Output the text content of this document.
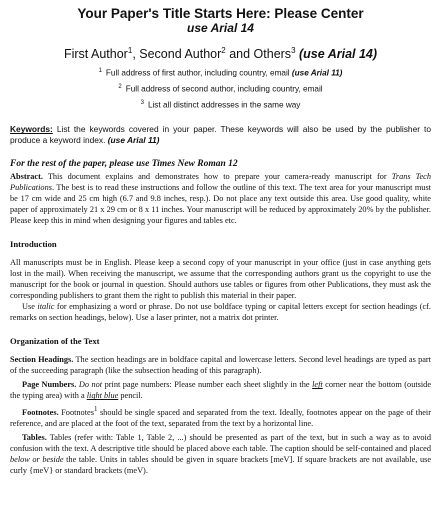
Your Paper's Title Starts Here: Please Center

use Arial 14

First Author$^1$, Second Author$^2$ and Others$^3$ (use Arial 14)

$^1$ Full address of first author, including country, email (use Arial 11)

$^2$ Full address of second author, including country, email

$^3$ List all distinct addresses in the same way

Keywords: List the keywords covered in your paper. These keywords will also be used by the publisher to produce a keyword index. (use Arial 11)

For the rest of the paper, please use Times New Roman 12

Abstract. This document explains and demonstrates how to prepare your camera-ready manuscript for Trans Tech Publications. The best is to read these instructions and follow the outline of this text. The text area for your manuscript must be 17 cm wide and 25 cm high (6.7 and 9.8 inches, resp.). Do not place any text outside this area. Use good quality, white paper of approximately 21 x 29 cm or 8 x 11 inches. Your manuscript will be reduced by approximately 20% by the publisher. Please keep this in mind when designing your figures and tables etc.

Introduction

All manuscripts must be in English. Please keep a second copy of your manuscript in your office (just in case anything gets lost in the mail). When receiving the manuscript, we assume that the corresponding authors grant us the copyright to use the manuscript for the book or journal in question. Should authors use tables or figures from other Publications, they must ask the corresponding publishers to grant them the right to publish this material in their paper.

Use italic for emphasizing a word or phrase. Do not use boldface typing or capital letters except for section headings (cf. remarks on section headings, below). Use a laser printer, not a matrix dot printer.

Organization of the Text

Section Headings. The section headings are in boldface capital and lowercase letters. Second level headings are typed as part of the succeeding paragraph (like the subsection heading of this paragraph).

Page Numbers. Do not print page numbers: Please number each sheet slightly in the left corner near the bottom (outside the typing area) with a light blue pencil.

Footnotes. Footnotes$^1$ should be single spaced and separated from the text. Ideally, footnotes appear on the page of their reference, and are placed at the foot of the text, separated from the text by a horizontal line.

Tables. Tables (refer with: Table 1, Table 2, ...) should be presented as part of the text, but in such a way as to avoid confusion with the text. A descriptive title should be placed above each table. The caption should be self-contained and placed below or beside the table. Units in tables should be given in square brackets [meV]. If square brackets are not available, use curly {meV} or standard brackets (meV).
